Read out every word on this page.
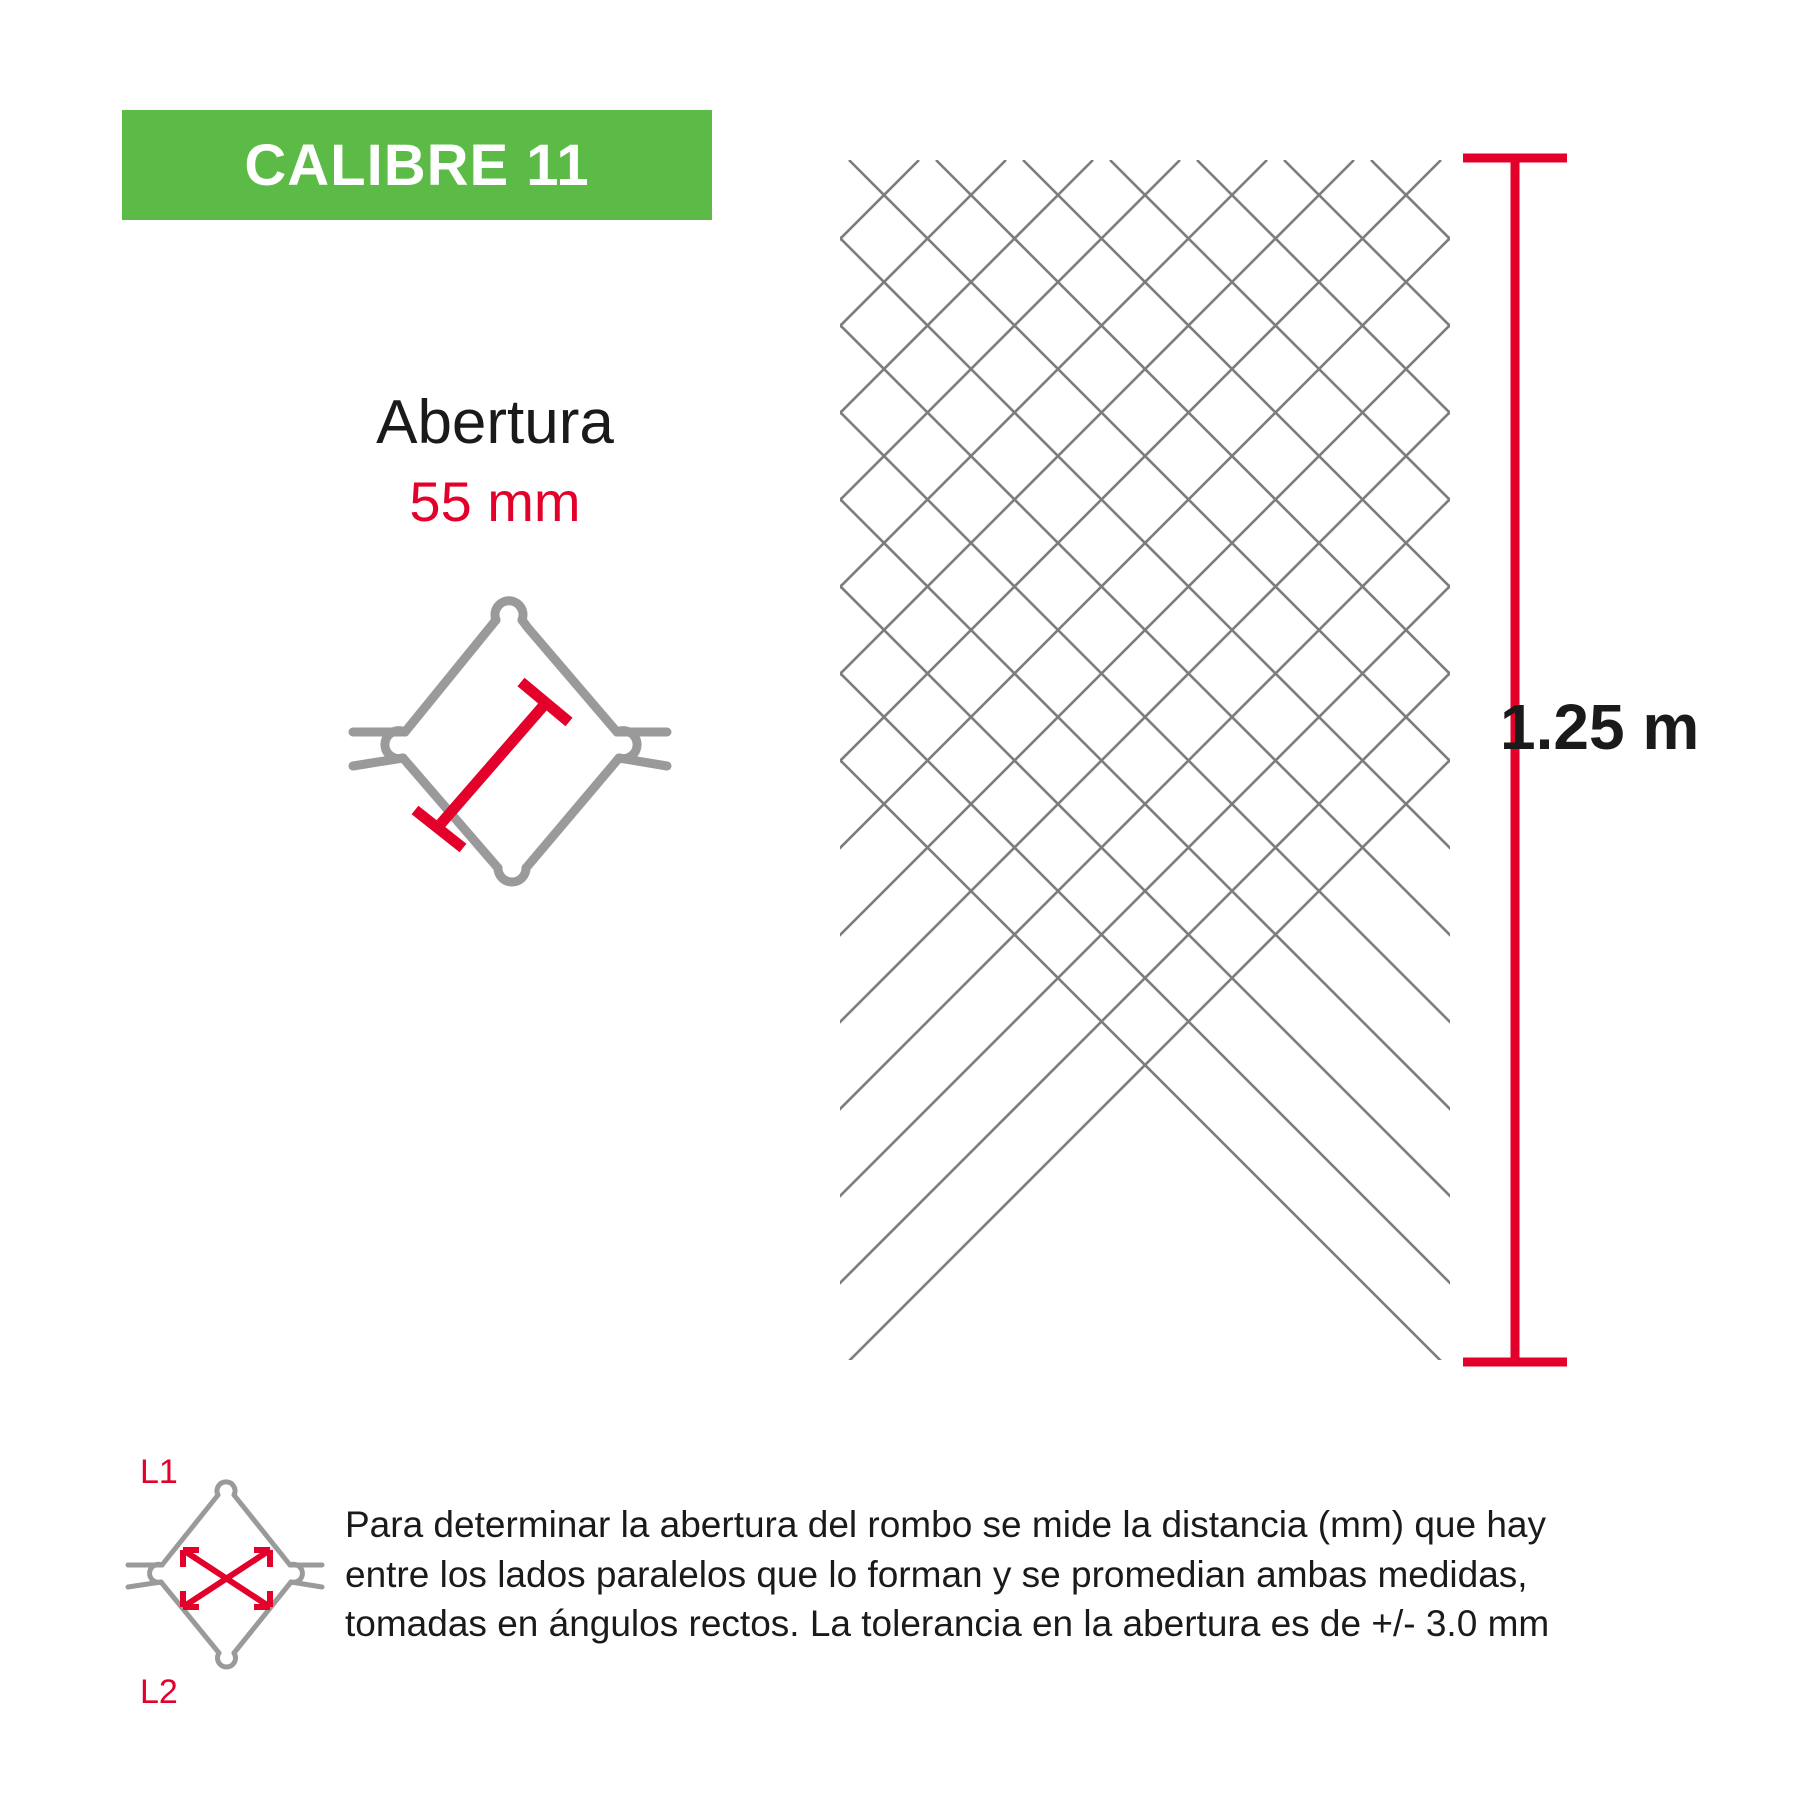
CALIBRE 11
Abertura
55 mm
1.25 m
L1
L2

Para determinar la abertura del rombo se mide la distancia (mm) que hay

entre los lados paralelos que lo forman y se promedian ambas medidas,

tomadas en ángulos rectos. La tolerancia en la abertura es de +/- 3.0 mm
